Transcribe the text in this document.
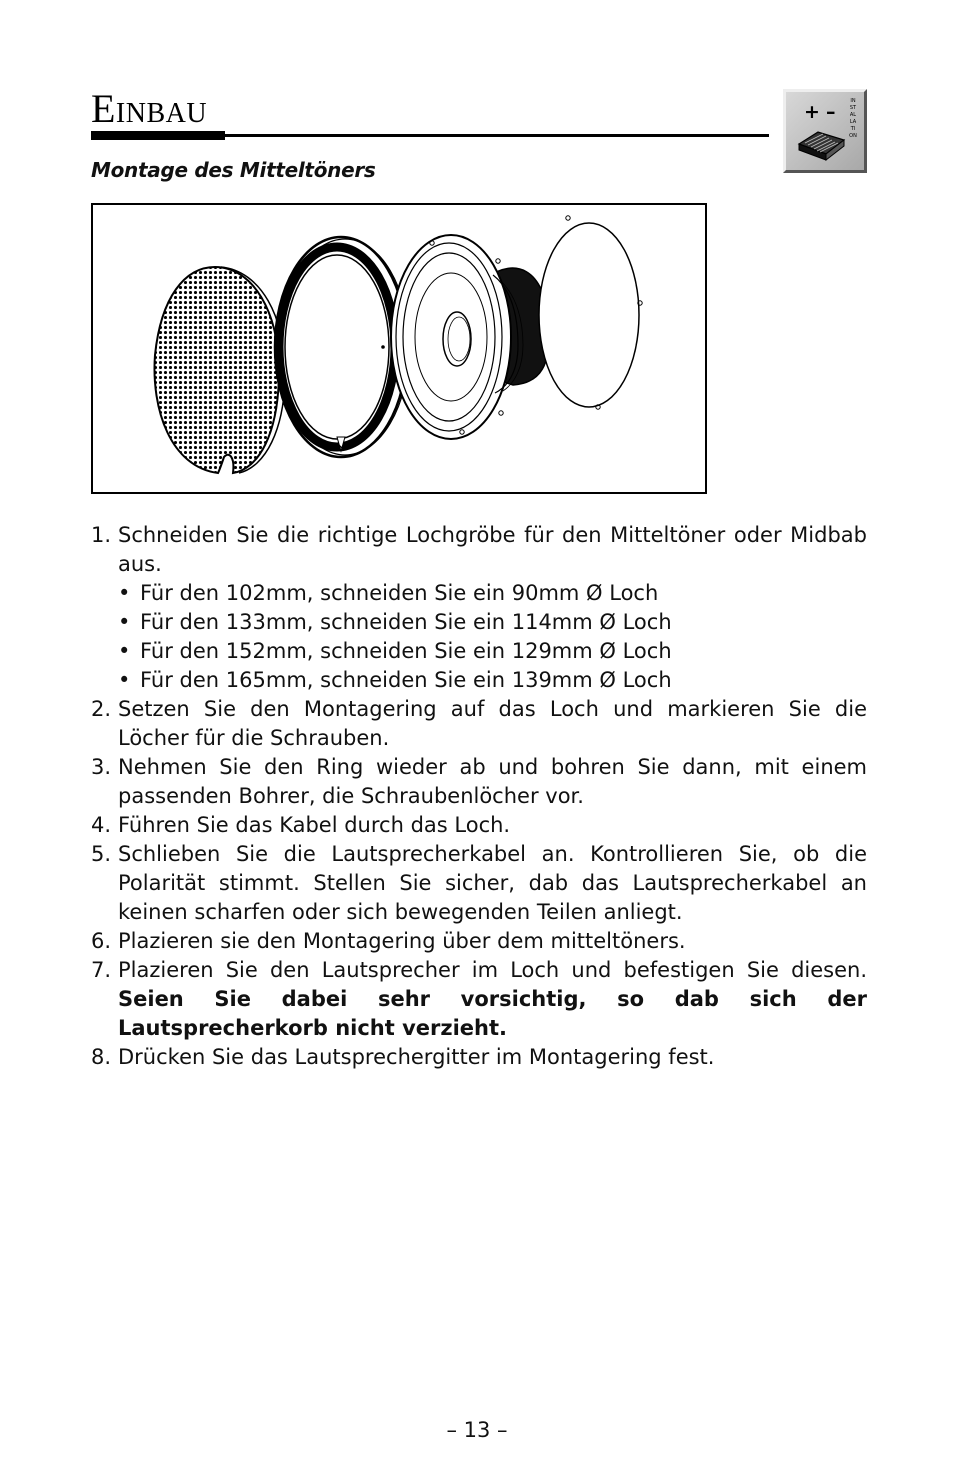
Einbau	+ –	INSTALLATION
Montage des Mitteltöners
1. Schneiden Sie die richtige Lochgröbe für den Mitteltöner oder Midbab aus.
• Für den 102mm, schneiden Sie ein 90mm Ø Loch
• Für den 133mm, schneiden Sie ein 114mm Ø Loch
• Für den 152mm, schneiden Sie ein 129mm Ø Loch
• Für den 165mm, schneiden Sie ein 139mm Ø Loch
2. Setzen Sie den Montagering auf das Loch und markieren Sie die Löcher für die Schrauben.
3. Nehmen Sie den Ring wieder ab und bohren Sie dann, mit einem passenden Bohrer, die Schraubenlöcher vor.
4. Führen Sie das Kabel durch das Loch.
5. Schlieben Sie die Lautsprecherkabel an. Kontrollieren Sie, ob die Polarität stimmt. Stellen Sie sicher, dab das Lautsprecherkabel an keinen scharfen oder sich bewegenden Teilen anliegt.
6. Plazieren sie den Montagering über dem mitteltöners.
7. Plazieren Sie den Lautsprecher im Loch und befestigen Sie diesen. Seien Sie dabei sehr vorsichtig, so dab sich der Lautsprecherkorb nicht verzieht.
8. Drücken Sie das Lautsprechergitter im Montagering fest.
– 13 –
